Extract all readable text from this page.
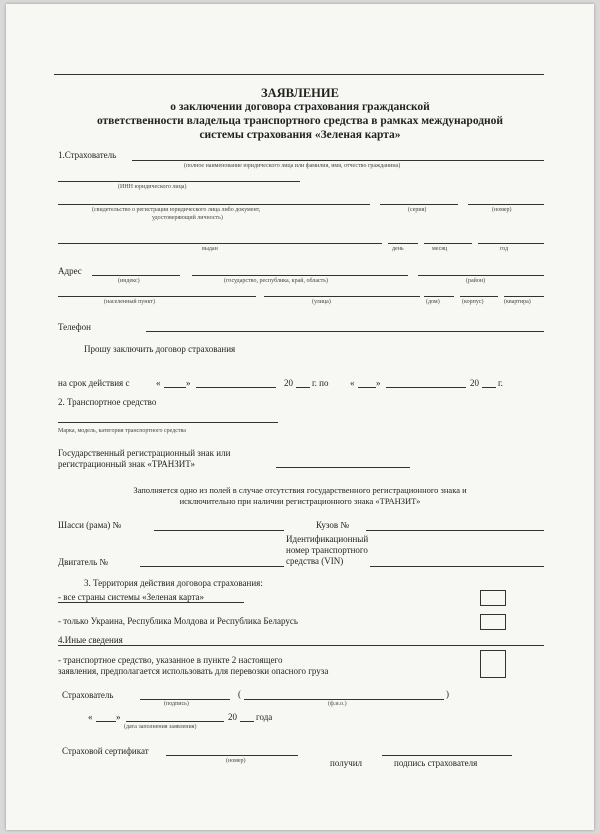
ЗАЯВЛЕНИЕ
о заключении договора страхования гражданской
ответственности владельца транспортного средства в рамках международной
системы страхования «Зеленая карта»
1.Страхователь
(полное наименование юридического лица или фамилия, имя, отчество гражданина)
(ИНН юридического лица)
(свидетельство о регистрации юридического лица либо документ,
удостоверяющий личность)
(серия)	(номер)
выдан	день	месяц	год
Адрес
(индекс)	(государство, республика, край, область)	(район)
(населенный пункт)	(улица)	(дом)	(корпус)	(квартира)
Телефон
Прошу заключить договор страхования
на срок действия с	«	»	20 г. по « »	20 г.
2. Транспортное средство
Марка, модель, категория транспортного средства
Государственный регистрационный знак или
регистрационный знак «ТРАНЗИТ»
Заполняется одно из полей в случае отсутствия государственного регистрационного знака и
исключительно при наличии регистрационного знака «ТРАНЗИТ»
Шасси (рама) №	Кузов №
Идентификационный
номер транспортного
средства (VIN)
Двигатель №
3. Территория действия договора страхования:
- все страны системы «Зеленая карта»
- только Украина, Республика Молдова и Республика Беларусь
4.Иные сведения
- транспортное средство, указанное в пункте 2 настоящего
заявления, предполагается использовать для перевозки опасного груза
Страхователь	(	)
(подпись)	(ф.и.о.)
«	»	20 года
(дата заполнения заявления)
Страховой сертификат
(номер)	получил	подпись страхователя
